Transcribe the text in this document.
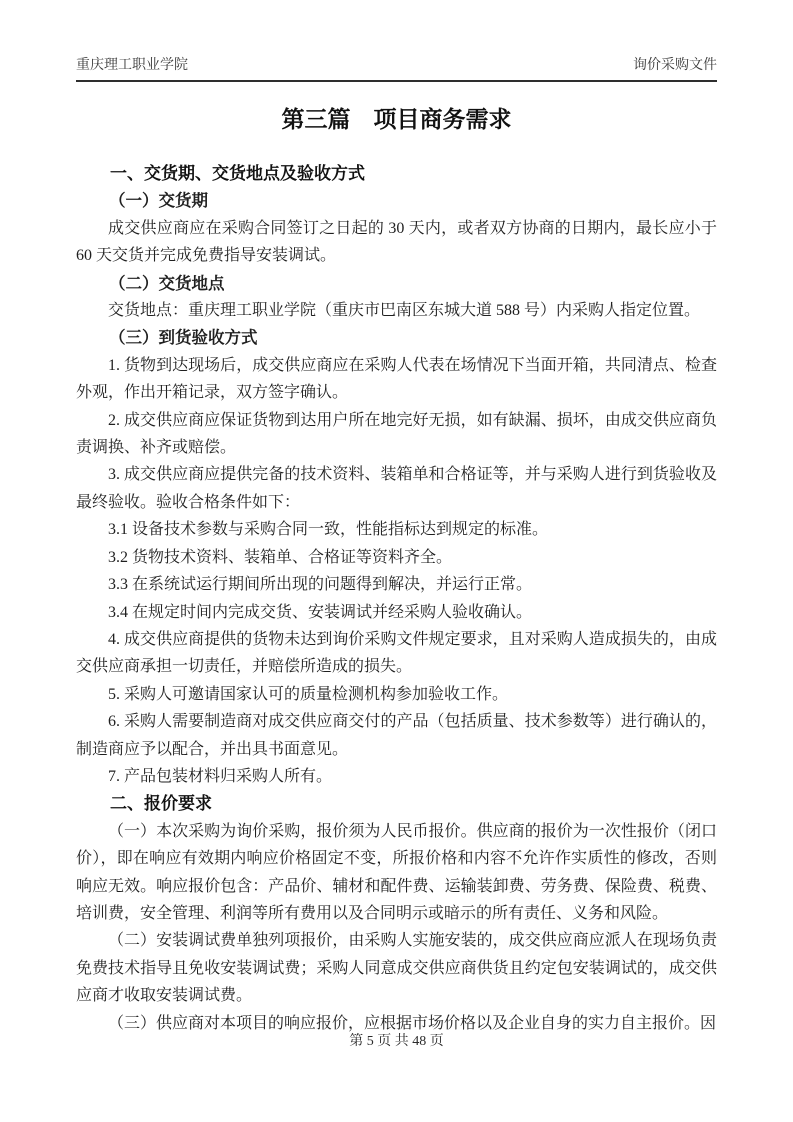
重庆理工职业学院	询价采购文件
第三篇　项目商务需求
一、交货期、交货地点及验收方式

（一）交货期

成交供应商应在采购合同签订之日起的 30 天内，或者双方协商的日期内，最长应小于 60 天交货并完成免费指导安装调试。

（二）交货地点

交货地点：重庆理工职业学院（重庆市巴南区东城大道 588 号）内采购人指定位置。

（三）到货验收方式

1. 货物到达现场后，成交供应商应在采购人代表在场情况下当面开箱，共同清点、检查外观，作出开箱记录，双方签字确认。

2. 成交供应商应保证货物到达用户所在地完好无损，如有缺漏、损坏，由成交供应商负责调换、补齐或赔偿。

3. 成交供应商应提供完备的技术资料、装箱单和合格证等，并与采购人进行到货验收及最终验收。验收合格条件如下：

3.1 设备技术参数与采购合同一致，性能指标达到规定的标准。

3.2 货物技术资料、装箱单、合格证等资料齐全。

3.3 在系统试运行期间所出现的问题得到解决，并运行正常。

3.4 在规定时间内完成交货、安装调试并经采购人验收确认。

4. 成交供应商提供的货物未达到询价采购文件规定要求，且对采购人造成损失的，由成交供应商承担一切责任，并赔偿所造成的损失。

5. 采购人可邀请国家认可的质量检测机构参加验收工作。

6. 采购人需要制造商对成交供应商交付的产品（包括质量、技术参数等）进行确认的，制造商应予以配合，并出具书面意见。

7. 产品包装材料归采购人所有。

二、报价要求

（一）本次采购为询价采购，报价须为人民币报价。供应商的报价为一次性报价（闭口价），即在响应有效期内响应价格固定不变，所报价格和内容不允许作实质性的修改，否则响应无效。响应报价包含：产品价、辅材和配件费、运输装卸费、劳务费、保险费、税费、培训费，安全管理、利润等所有费用以及合同明示或暗示的所有责任、义务和风险。

（二）安装调试费单独列项报价，由采购人实施安装的，成交供应商应派人在现场负责免费技术指导且免收安装调试费；采购人同意成交供应商供货且约定包安装调试的，成交供应商才收取安装调试费。

（三）供应商对本项目的响应报价，应根据市场价格以及企业自身的实力自主报价。因

第 5 页 共 48 页
